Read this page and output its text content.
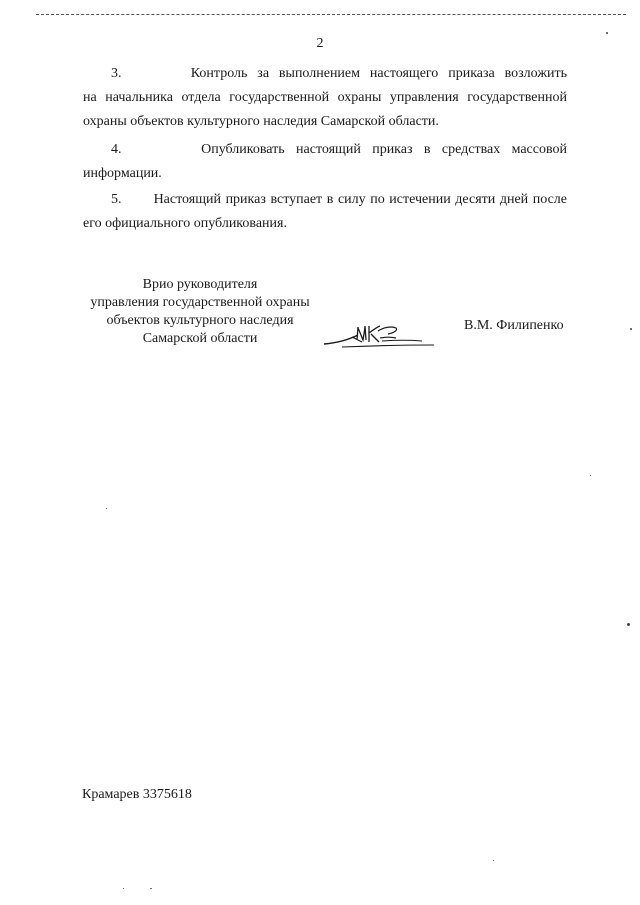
2
3.       Контроль за выполнением настоящего приказа возложить
на начальника отдела государственной охраны управления государственной
охраны объектов культурного наследия Самарской области.
4.       Опубликовать настоящий приказ в средствах массовой
информации.
5.       Настоящий приказ вступает в силу по истечении десяти дней после
его официального опубликования.
Врио руководителя
управления государственной охраны
объектов культурного наследия
Самарской области
В.М. Филипенко
Крамарев 3375618
